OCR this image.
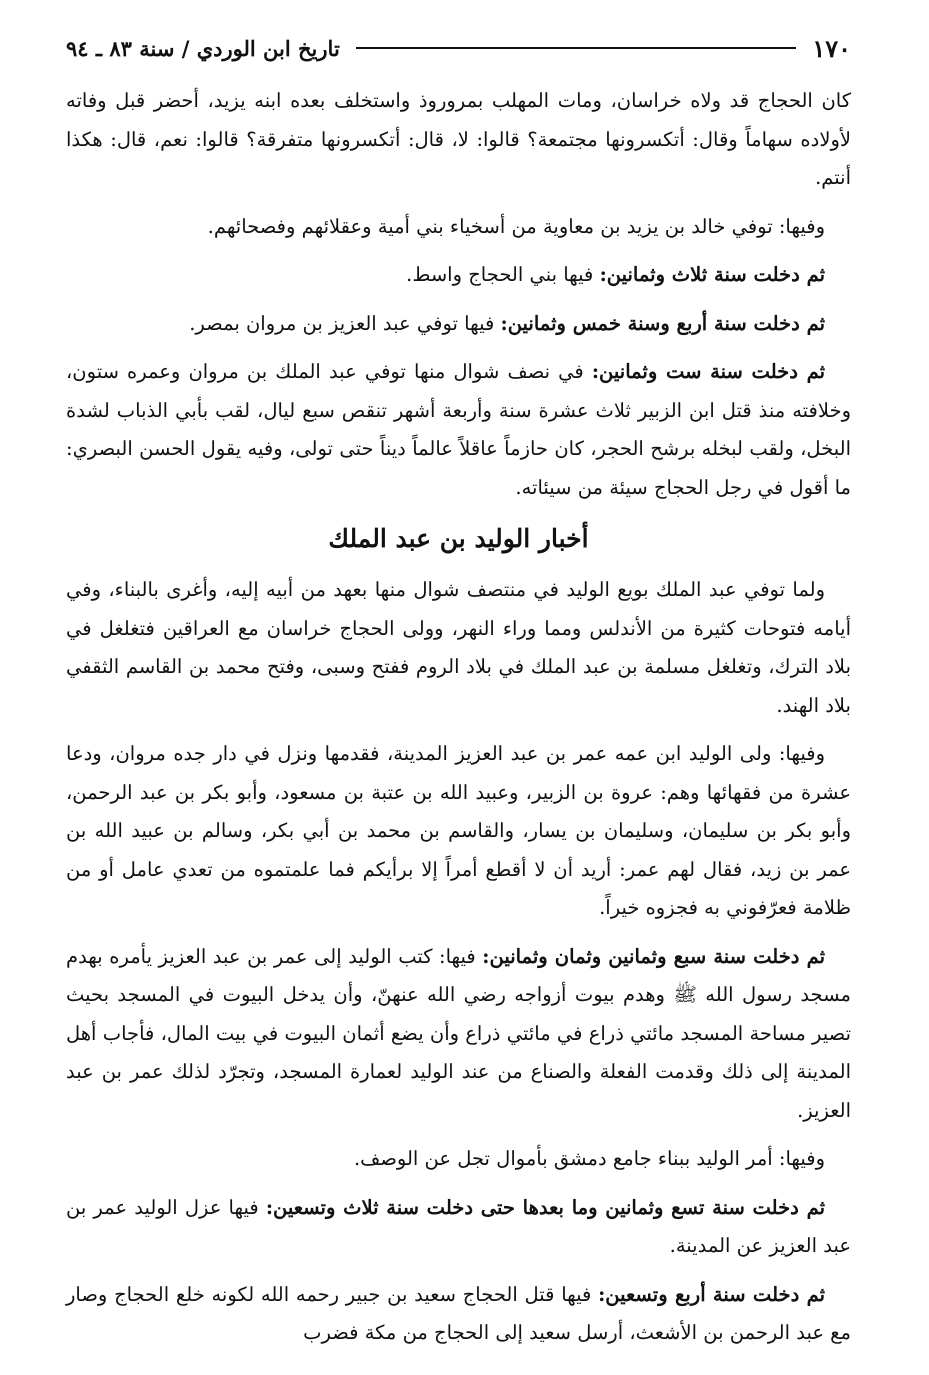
١٧٠
تاريخ ابن الوردي / سنة ٨٣ ـ ٩٤

كان الحجاج قد ولاه خراسان، ومات المهلب بمروروذ واستخلف بعده ابنه يزيد، أحضر قبل وفاته لأولاده سهاماً وقال: أتكسرونها مجتمعة؟ قالوا: لا، قال: أتكسرونها متفرقة؟ قالوا: نعم، قال: هكذا أنتم.

وفيها: توفي خالد بن يزيد بن معاوية من أسخياء بني أمية وعقلائهم وفصحائهم.

ثم دخلت سنة ثلاث وثمانين: فيها بني الحجاج واسط.

ثم دخلت سنة أربع وسنة خمس وثمانين: فيها توفي عبد العزيز بن مروان بمصر.

ثم دخلت سنة ست وثمانين: في نصف شوال منها توفي عبد الملك بن مروان وعمره ستون، وخلافته منذ قتل ابن الزبير ثلاث عشرة سنة وأربعة أشهر تنقص سبع ليال، لقب بأبي الذباب لشدة البخل، ولقب لبخله برشح الحجر، كان حازماً عاقلاً عالماً ديناً حتى تولى، وفيه يقول الحسن البصري: ما أقول في رجل الحجاج سيئة من سيئاته.

أخبار الوليد بن عبد الملك

ولما توفي عبد الملك بويع الوليد في منتصف شوال منها بعهد من أبيه إليه، وأغرى بالبناء، وفي أيامه فتوحات كثيرة من الأندلس ومما وراء النهر، وولى الحجاج خراسان مع العراقين فتغلغل في بلاد الترك، وتغلغل مسلمة بن عبد الملك في بلاد الروم ففتح وسبى، وفتح محمد بن القاسم الثقفي بلاد الهند.

وفيها: ولى الوليد ابن عمه عمر بن عبد العزيز المدينة، فقدمها ونزل في دار جده مروان، ودعا عشرة من فقهائها وهم: عروة بن الزبير، وعبيد الله بن عتبة بن مسعود، وأبو بكر بن عبد الرحمن، وأبو بكر بن سليمان، وسليمان بن يسار، والقاسم بن محمد بن أبي بكر، وسالم بن عبيد الله بن عمر بن زيد، فقال لهم عمر: أريد أن لا أقطع أمراً إلا برأيكم فما علمتموه من تعدي عامل أو من ظلامة فعرّفوني به فجزوه خيراً.

ثم دخلت سنة سبع وثمانين وثمان وثمانين: فيها: كتب الوليد إلى عمر بن عبد العزيز يأمره بهدم مسجد رسول الله ﷺ وهدم بيوت أزواجه رضي الله عنهنّ، وأن يدخل البيوت في المسجد بحيث تصير مساحة المسجد مائتي ذراع في مائتي ذراع وأن يضع أثمان البيوت في بيت المال، فأجاب أهل المدينة إلى ذلك وقدمت الفعلة والصناع من عند الوليد لعمارة المسجد، وتجرّد لذلك عمر بن عبد العزيز.

وفيها: أمر الوليد ببناء جامع دمشق بأموال تجل عن الوصف.

ثم دخلت سنة تسع وثمانين وما بعدها حتى دخلت سنة ثلاث وتسعين: فيها عزل الوليد عمر بن عبد العزيز عن المدينة.

ثم دخلت سنة أربع وتسعين: فيها قتل الحجاج سعيد بن جبير رحمه الله لكونه خلع الحجاج وصار مع عبد الرحمن بن الأشعث، أرسل سعيد إلى الحجاج من مكة فضرب
